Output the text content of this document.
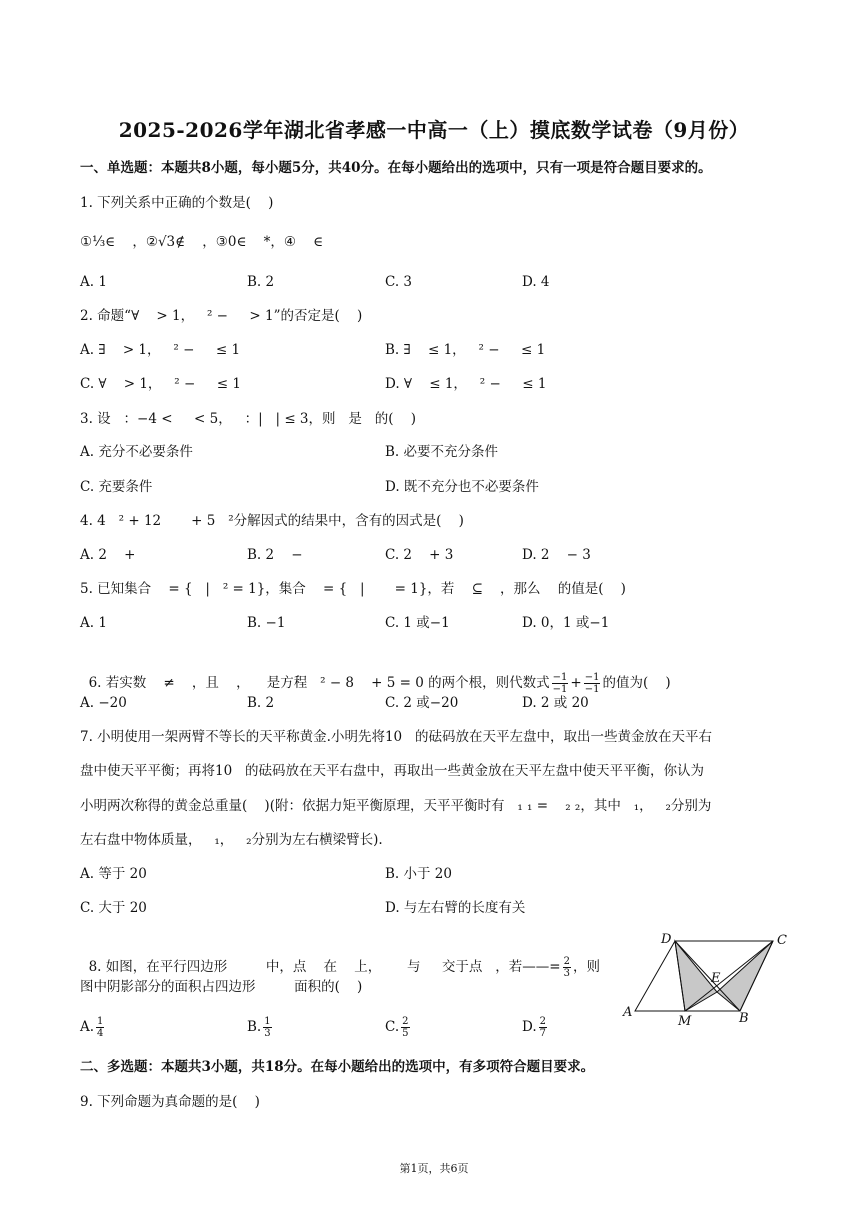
2025-2026学年湖北省孝感一中高一（上）摸底数学试卷（9月份）
一、单选题：本题共8小题，每小题5分，共40分。在每小题给出的选项中，只有一项是符合题目要求的。
1. 下列关系中正确的个数是(    )
①⅓∈    ，②√3∉    ，③0∈    *，④    ∈
A. 1	B. 2	C. 3	D. 4
2. 命题“∀    > 1，   ² −     > 1”的否定是(    )
A. ∃    > 1，   ² −     ≤ 1	B. ∃    ≤ 1，   ² −     ≤ 1
C. ∀    > 1，   ² −     ≤ 1	D. ∀    ≤ 1，   ² −     ≤ 1
3. 设   ：−4 <     < 5，   ：|   | ≤ 3，则   是   的(    )
A. 充分不必要条件	B. 必要不充分条件
C. 充要条件	D. 既不充分也不必要条件
4. 4   ² + 12       + 5   ²分解因式的结果中，含有的因式是(    )
A. 2    +	B. 2    −	C. 2    + 3	D. 2    − 3
5. 已知集合    = {   |   ² = 1}，集合    = {   |       = 1}，若    ⊆    ，那么    的值是(    )
A. 1	B. −1	C. 1 或−1	D. 0，1 或−1

6. 若实数    ≠    ，且    ，    是方程   ² − 8    + 5 = 0 的两个根，则代数式 $\frac{-1}{-1} + \frac{-1}{-1}$ 的值为(    )

A. −20	B. 2	C. 2 或−20	D. 2 或 20
7. 小明使用一架两臂不等长的天平称黄金.小明先将10   的砝码放在天平左盘中，取出一些黄金放在天平右
盘中使天平平衡；再将10   的砝码放在天平右盘中，再取出一些黄金放在天平左盘中使天平平衡，你认为
小明两次称得的黄金总重量(    )(附：依据力矩平衡原理，天平平衡时有   ₁ ₁ =    ₂ ₂，其中   ₁，   ₂分别为
左右盘中物体质量，   ₁，   ₂分别为左右横梁臂长).
A. 等于 20	B. 小于 20
C. 大于 20	D. 与左右臂的长度有关

8. 如图，在平行四边形         中，点    在    上，      与     交于点   ，若——= $\frac{2}{3}$ ，则

图中阴影部分的面积占四边形         面积的(    )
A. $\frac{1}{4}$	B. $\frac{1}{3}$	C. $\frac{2}{5}$	D. $\frac{2}{7}$
D	C
E
A
M	B
二、多选题：本题共3小题，共18分。在每小题给出的选项中，有多项符合题目要求。
9. 下列命题为真命题的是(    )
第1页，共6页
